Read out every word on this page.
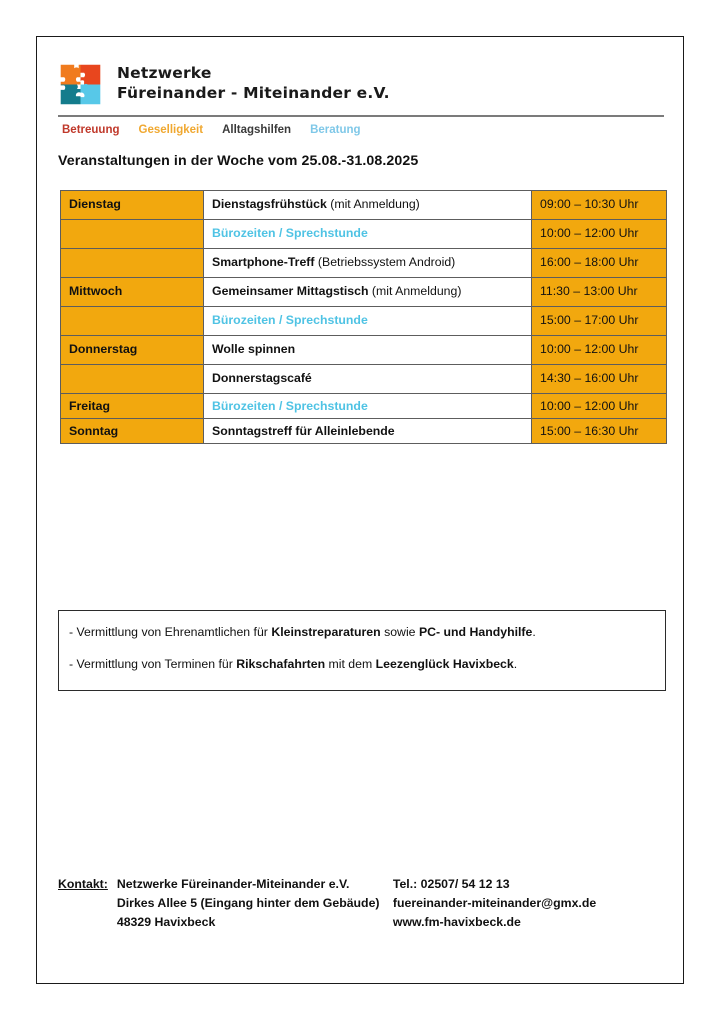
Netzwerke
Füreinander - Miteinander e.V.
Betreuung Geselligkeit Alltagshilfen Beratung
Veranstaltungen in der Woche vom 25.08.-31.08.2025
Dienstag	Dienstagsfrühstück (mit Anmeldung)	09:00 – 10:30 Uhr
	Bürozeiten / Sprechstunde	10:00 – 12:00 Uhr
	Smartphone-Treff (Betriebssystem Android)	16:00 – 18:00 Uhr
Mittwoch	Gemeinsamer Mittagstisch (mit Anmeldung)	11:30 – 13:00 Uhr
	Bürozeiten / Sprechstunde	15:00 – 17:00 Uhr
Donnerstag	Wolle spinnen	10:00 – 12:00 Uhr
	Donnerstagscafé	14:30 – 16:00 Uhr
Freitag	Bürozeiten / Sprechstunde	10:00 – 12:00 Uhr
Sonntag	Sonntagstreff für Alleinlebende	15:00 – 16:30 Uhr
- Vermittlung von Ehrenamtlichen für Kleinstreparaturen sowie PC- und Handyhilfe.
- Vermittlung von Terminen für Rikschafahrten mit dem Leezenglück Havixbeck.
Kontakt: Netzwerke Füreinander-Miteinander e.V.
Dirkes Allee 5 (Eingang hinter dem Gebäude)
48329 Havixbeck
Tel.: 02507/ 54 12 13
fuereinander-miteinander@gmx.de
www.fm-havixbeck.de
